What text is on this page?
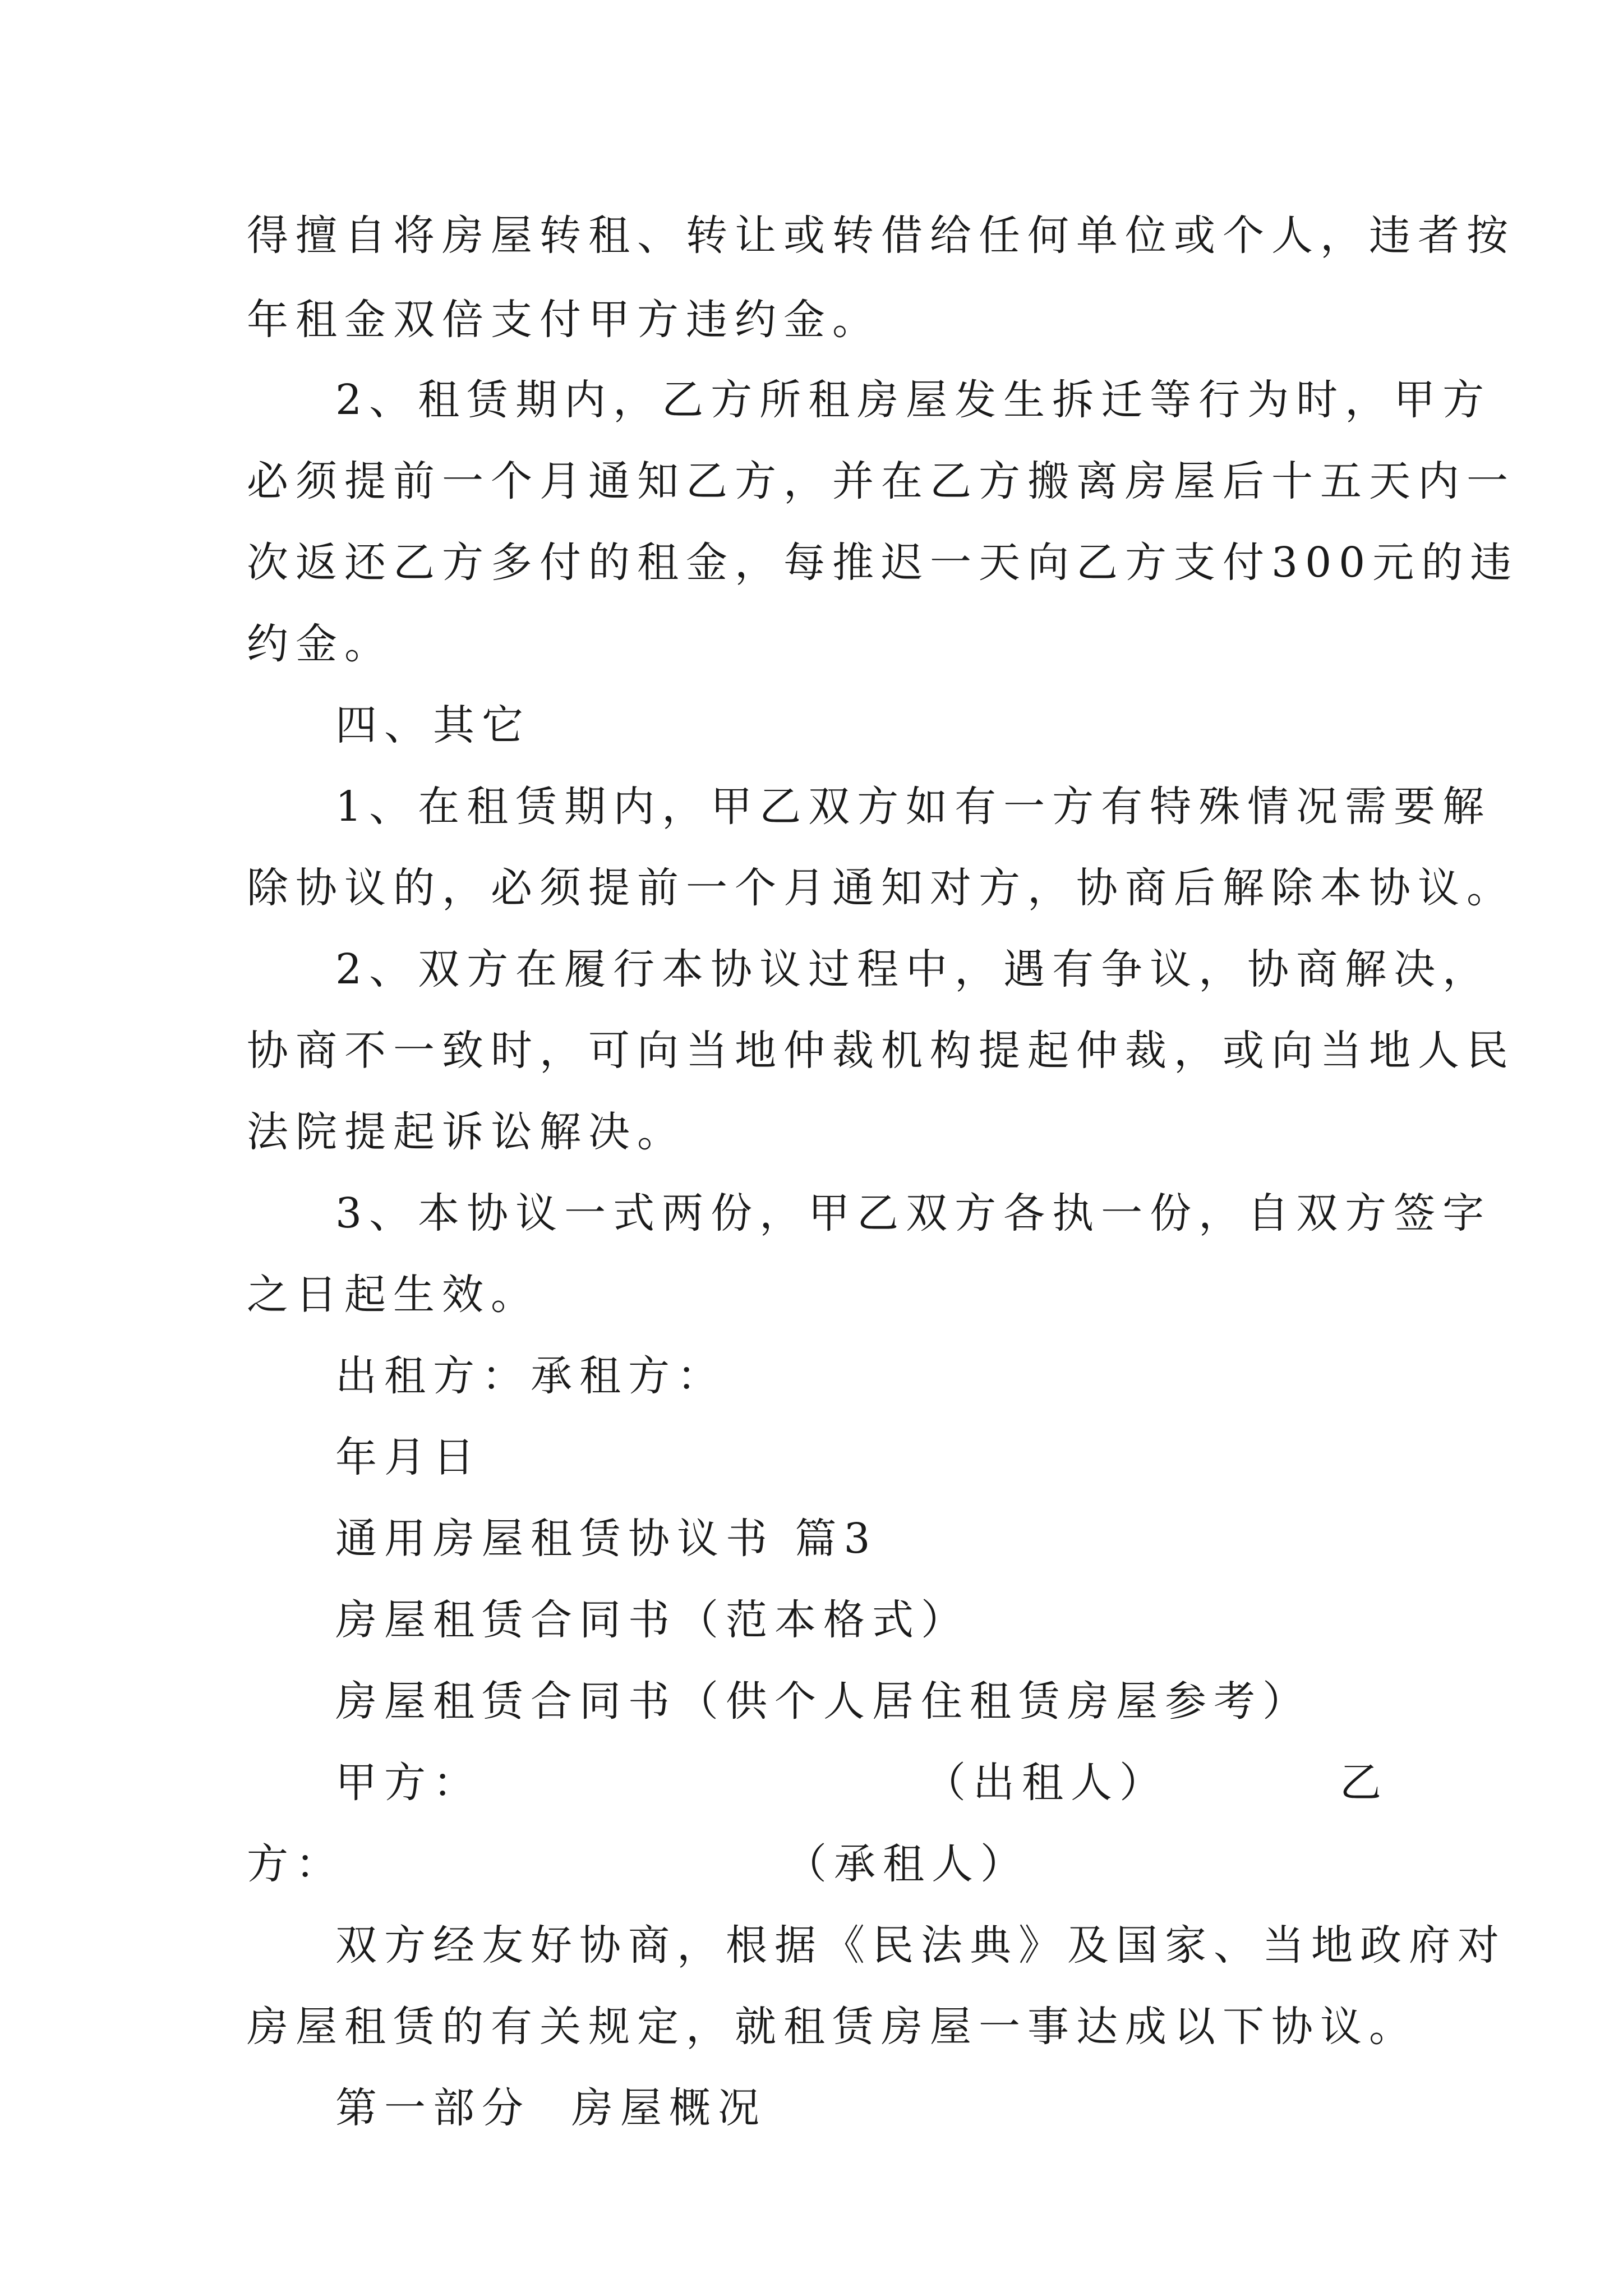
得擅自将房屋转租、转让或转借给任何单位或个人，违者按
年租金双倍支付甲方违约金。
2、租赁期内，乙方所租房屋发生拆迁等行为时，甲方
必须提前一个月通知乙方，并在乙方搬离房屋后十五天内一
次返还乙方多付的租金，每推迟一天向乙方支付300元的违
约金。
四、其它
1、在租赁期内，甲乙双方如有一方有特殊情况需要解
除协议的，必须提前一个月通知对方，协商后解除本协议。
2、双方在履行本协议过程中，遇有争议，协商解决，
协商不一致时，可向当地仲裁机构提起仲裁，或向当地人民
法院提起诉讼解决。
3、本协议一式两份，甲乙双方各执一份，自双方签字
之日起生效。
出租方：承租方：
年月日
通用房屋租赁协议书 篇3
房屋租赁合同书（范本格式）
房屋租赁合同书（供个人居住租赁房屋参考）
甲方：	（出租人）	乙
方：	（承租人）
双方经友好协商，根据《民法典》及国家、当地政府对
房屋租赁的有关规定，就租赁房屋一事达成以下协议。
第一部分  房屋概况
